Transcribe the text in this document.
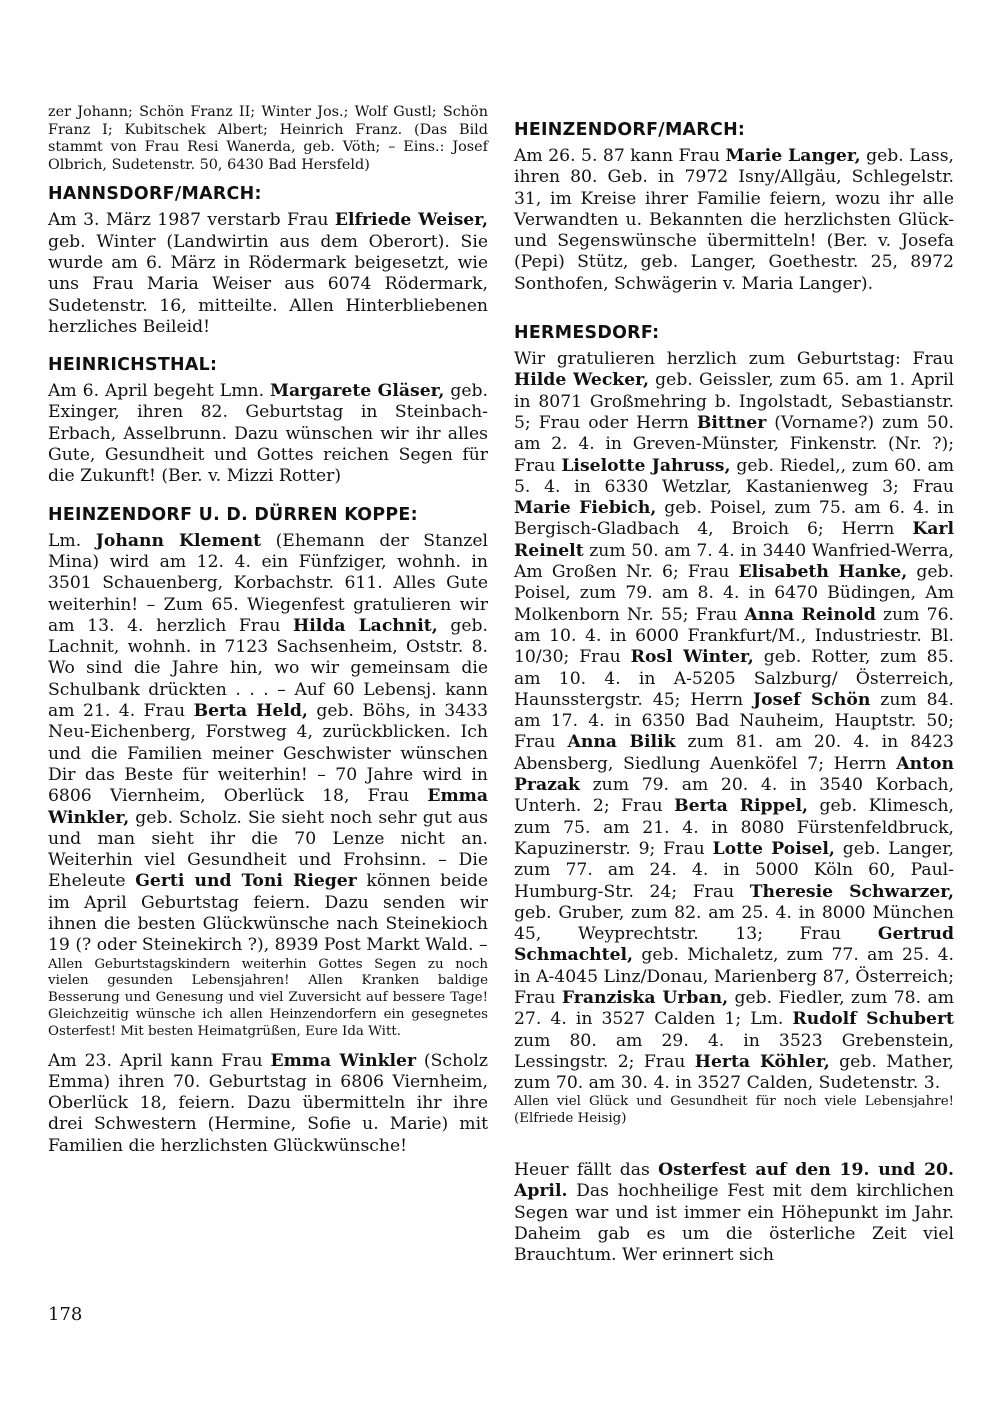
zer Johann; Schön Franz II; Winter Jos.; Wolf Gustl; Schön Franz I; Kubitschek Albert; Heinrich Franz. (Das Bild stammt von Frau Resi Wanerda, geb. Vöth; – Eins.: Josef Olbrich, Sudetenstr. 50, 6430 Bad Hersfeld)

HANNSDORF/MARCH:

Am 3. März 1987 verstarb Frau Elfriede Weiser, geb. Winter (Landwirtin aus dem Oberort). Sie wurde am 6. März in Rödermark beigesetzt, wie uns Frau Maria Weiser aus 6074 Rödermark, Sudetenstr. 16, mitteilte. Allen Hinterbliebenen herzliches Beileid!

HEINRICHSTHAL:

Am 6. April begeht Lmn. Margarete Gläser, geb. Exinger, ihren 82. Geburtstag in Steinbach-Erbach, Asselbrunn. Dazu wünschen wir ihr alles Gute, Gesundheit und Gottes reichen Segen für die Zukunft! (Ber. v. Mizzi Rotter)

HEINZENDORF U. D. DÜRREN KOPPE:

Lm. Johann Klement (Ehemann der Stanzel Mina) wird am 12. 4. ein Fünfziger, wohnh. in 3501 Schauenberg, Korbachstr. 611. Alles Gute weiterhin! – Zum 65. Wiegenfest gratulieren wir am 13. 4. herzlich Frau Hilda Lachnit, geb. Lachnit, wohnh. in 7123 Sachsenheim, Oststr. 8. Wo sind die Jahre hin, wo wir gemeinsam die Schulbank drückten . . . – Auf 60 Lebensj. kann am 21. 4. Frau Berta Held, geb. Böhs, in 3433 Neu-Eichenberg, Forstweg 4, zurückblicken. Ich und die Familien meiner Geschwister wünschen Dir das Beste für weiterhin! – 70 Jahre wird in 6806 Viernheim, Oberlück 18, Frau Emma Winkler, geb. Scholz. Sie sieht noch sehr gut aus und man sieht ihr die 70 Lenze nicht an. Weiterhin viel Gesundheit und Frohsinn. – Die Eheleute Gerti und Toni Rieger können beide im April Geburtstag feiern. Dazu senden wir ihnen die besten Glückwünsche nach Steinekioch 19 (? oder Steinekirch ?), 8939 Post Markt Wald. –

Allen Geburtstagskindern weiterhin Gottes Segen zu noch vielen gesunden Lebensjahren! Allen Kranken baldige Besserung und Genesung und viel Zuversicht auf bessere Tage! Gleichzeitig wünsche ich allen Heinzendorfern ein gesegnetes Osterfest! Mit besten Heimatgrüßen, Eure Ida Witt.

Am 23. April kann Frau Emma Winkler (Scholz Emma) ihren 70. Geburtstag in 6806 Viernheim, Oberlück 18, feiern. Dazu übermitteln ihr ihre drei Schwestern (Hermine, Sofie u. Marie) mit Familien die herzlichsten Glückwünsche!

HEINZENDORF/MARCH:

Am 26. 5. 87 kann Frau Marie Langer, geb. Lass, ihren 80. Geb. in 7972 Isny/Allgäu, Schlegelstr. 31, im Kreise ihrer Familie feiern, wozu ihr alle Verwandten u. Bekannten die herzlichsten Glück- und Segenswünsche übermitteln! (Ber. v. Josefa (Pepi) Stütz, geb. Langer, Goethestr. 25, 8972 Sonthofen, Schwägerin v. Maria Langer).

HERMESDORF:

Wir gratulieren herzlich zum Geburtstag: Frau Hilde Wecker, geb. Geissler, zum 65. am 1. April in 8071 Großmehring b. Ingolstadt, Sebastianstr. 5; Frau oder Herrn Bittner (Vorname?) zum 50. am 2. 4. in Greven-Münster, Finkenstr. (Nr. ?); Frau Liselotte Jahruss, geb. Riedel,, zum 60. am 5. 4. in 6330 Wetzlar, Kastanienweg 3; Frau Marie Fiebich, geb. Poisel, zum 75. am 6. 4. in Bergisch-Gladbach 4, Broich 6; Herrn Karl Reinelt zum 50. am 7. 4. in 3440 Wanfried-Werra, Am Großen Nr. 6; Frau Elisabeth Hanke, geb. Poisel, zum 79. am 8. 4. in 6470 Büdingen, Am Molkenborn Nr. 55; Frau Anna Reinold zum 76. am 10. 4. in 6000 Frankfurt/M., Industriestr. Bl. 10/30; Frau Rosl Winter, geb. Rotter, zum 85. am 10. 4. in A-5205 Salzburg/ Österreich, Haunsstergstr. 45; Herrn Josef Schön zum 84. am 17. 4. in 6350 Bad Nauheim, Hauptstr. 50; Frau Anna Bilik zum 81. am 20. 4. in 8423 Abensberg, Siedlung Auenköfel 7; Herrn Anton Prazak zum 79. am 20. 4. in 3540 Korbach, Unterh. 2; Frau Berta Rippel, geb. Klimesch, zum 75. am 21. 4. in 8080 Fürstenfeldbruck, Kapuzinerstr. 9; Frau Lotte Poisel, geb. Langer, zum 77. am 24. 4. in 5000 Köln 60, Paul-Humburg-Str. 24; Frau Theresie Schwarzer, geb. Gruber, zum 82. am 25. 4. in 8000 München 45, Weyprechtstr. 13; Frau Gertrud Schmachtel, geb. Michaletz, zum 77. am 25. 4. in A-4045 Linz/Donau, Marienberg 87, Österreich; Frau Franziska Urban, geb. Fiedler, zum 78. am 27. 4. in 3527 Calden 1; Lm. Rudolf Schubert zum 80. am 29. 4. in 3523 Grebenstein, Lessingstr. 2; Frau Herta Köhler, geb. Mather, zum 70. am 30. 4. in 3527 Calden, Sudetenstr. 3.

Allen viel Glück und Gesundheit für noch viele Lebensjahre! (Elfriede Heisig)

Heuer fällt das Osterfest auf den 19. und 20. April. Das hochheilige Fest mit dem kirchlichen Segen war und ist immer ein Höhepunkt im Jahr. Daheim gab es um die österliche Zeit viel Brauchtum. Wer erinnert sich

178
